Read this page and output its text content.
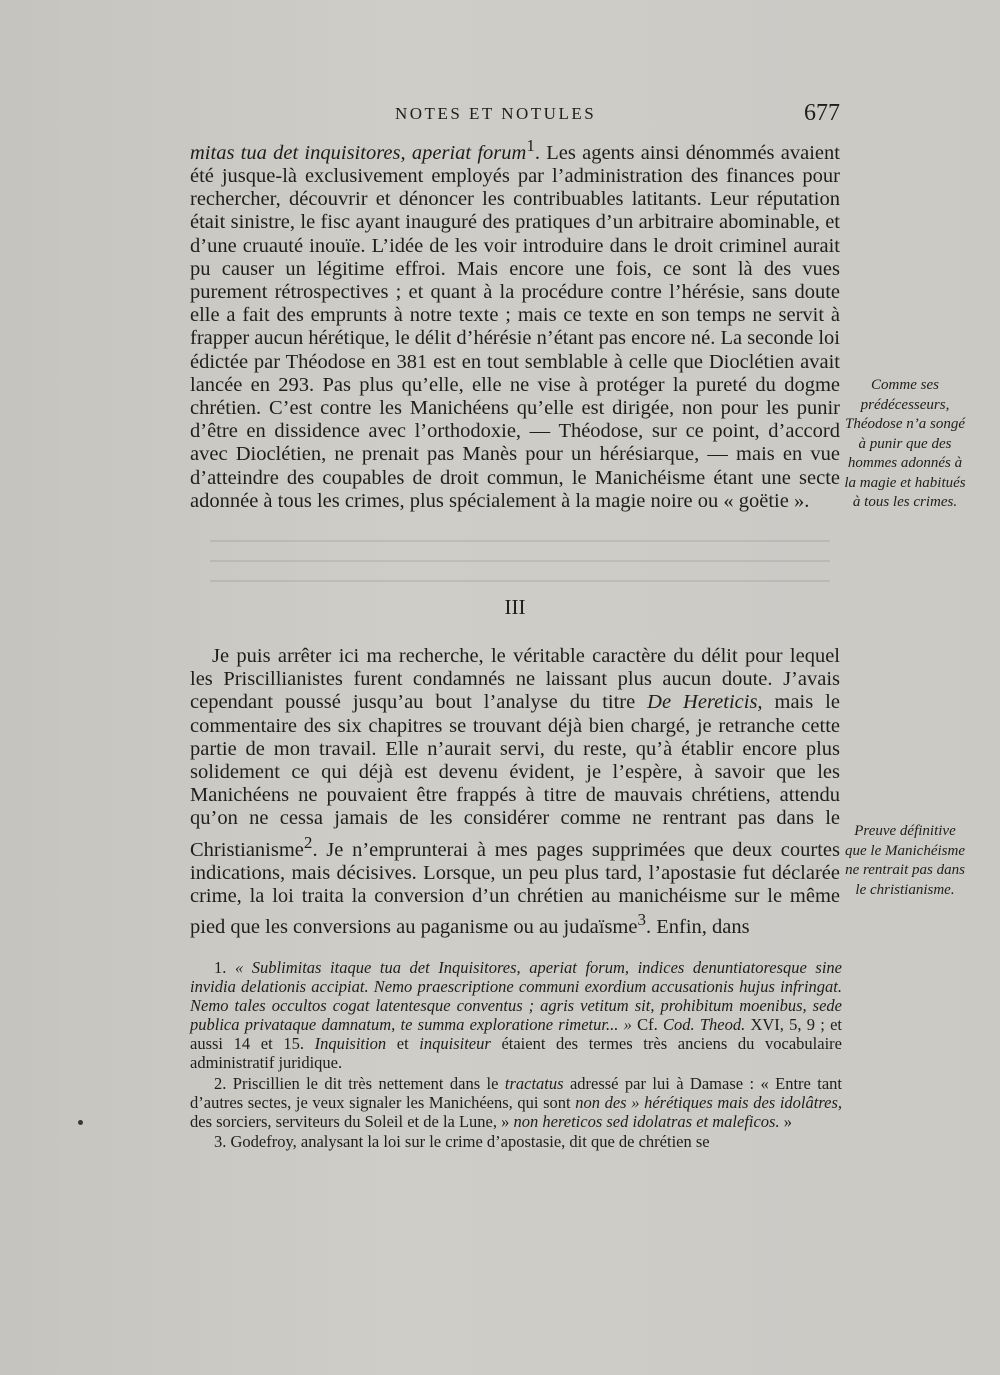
NOTES ET NOTULES	677

mitas tua det inquisitores, aperiat forum$^1$. Les agents ainsi dénommés avaient été jusque-là exclusivement employés par l’administration des finances pour rechercher, découvrir et dénoncer les contribuables latitants. Leur réputation était sinistre, le fisc ayant inauguré des pratiques d’un arbitraire abominable, et d’une cruauté inouïe. L’idée de les voir introduire dans le droit criminel aurait pu causer un légitime effroi. Mais encore une fois, ce sont là des vues purement rétrospectives ; et quant à la procédure contre l’hérésie, sans doute elle a fait des emprunts à notre texte ; mais ce texte en son temps ne servit à frapper aucun hérétique, le délit d’hérésie n’étant pas encore né. La seconde loi édictée par Théodose en 381 est en tout semblable à celle que Dioclétien avait lancée en 293. Pas plus qu’elle, elle ne vise à protéger la pureté du dogme chrétien. C’est contre les Manichéens qu’elle est dirigée, non pour les punir d’être en dissidence avec l’orthodoxie, — Théodose, sur ce point, d’accord avec Dioclétien, ne prenait pas Manès pour un hérésiarque, — mais en vue d’atteindre des coupables de droit commun, le Manichéisme étant une secte adonnée à tous les crimes, plus spécialement à la magie noire ou « goëtie ».

III

Je puis arrêter ici ma recherche, le véritable caractère du délit pour lequel les Priscillianistes furent condamnés ne laissant plus aucun doute. J’avais cependant poussé jusqu’au bout l’analyse du titre De Hereticis, mais le commentaire des six chapitres se trouvant déjà bien chargé, je retranche cette partie de mon travail. Elle n’aurait servi, du reste, qu’à établir encore plus solidement ce qui déjà est devenu évident, je l’espère, à savoir que les Manichéens ne pouvaient être frappés à titre de mauvais chrétiens, attendu qu’on ne cessa jamais de les considérer comme ne rentrant pas dans le Christianisme$^2$. Je n’emprunterai à mes pages supprimées que deux courtes indications, mais décisives. Lorsque, un peu plus tard, l’apostasie fut déclarée crime, la loi traita la conversion d’un chrétien au manichéisme sur le même pied que les conversions au paganisme ou au judaïsme$^3$. Enfin, dans

Comme ses prédécesseurs, Théodose n’a songé à punir que des hommes adonnés à la magie et habitués à tous les crimes.
Preuve définitive que le Manichéisme ne rentrait pas dans le christianisme.

1. « Sublimitas itaque tua det Inquisitores, aperiat forum, indices denuntiatoresque sine invidia delationis accipiat. Nemo praescriptione communi exordium accusationis hujus infringat. Nemo tales occultos cogat latentesque conventus ; agris vetitum sit, prohibitum moenibus, sede publica privataque damnatum, te summa exploratione rimetur... » Cf. Cod. Theod. XVI, 5, 9 ; et aussi 14 et 15. Inquisition et inquisiteur étaient des termes très anciens du vocabulaire administratif juridique.

2. Priscillien le dit très nettement dans le tractatus adressé par lui à Damase : « Entre tant d’autres sectes, je veux signaler les Manichéens, qui sont non des » hérétiques mais des idolâtres, des sorciers, serviteurs du Soleil et de la Lune, » non hereticos sed idolatras et maleficos. »

3. Godefroy, analysant la loi sur le crime d’apostasie, dit que de chrétien se
